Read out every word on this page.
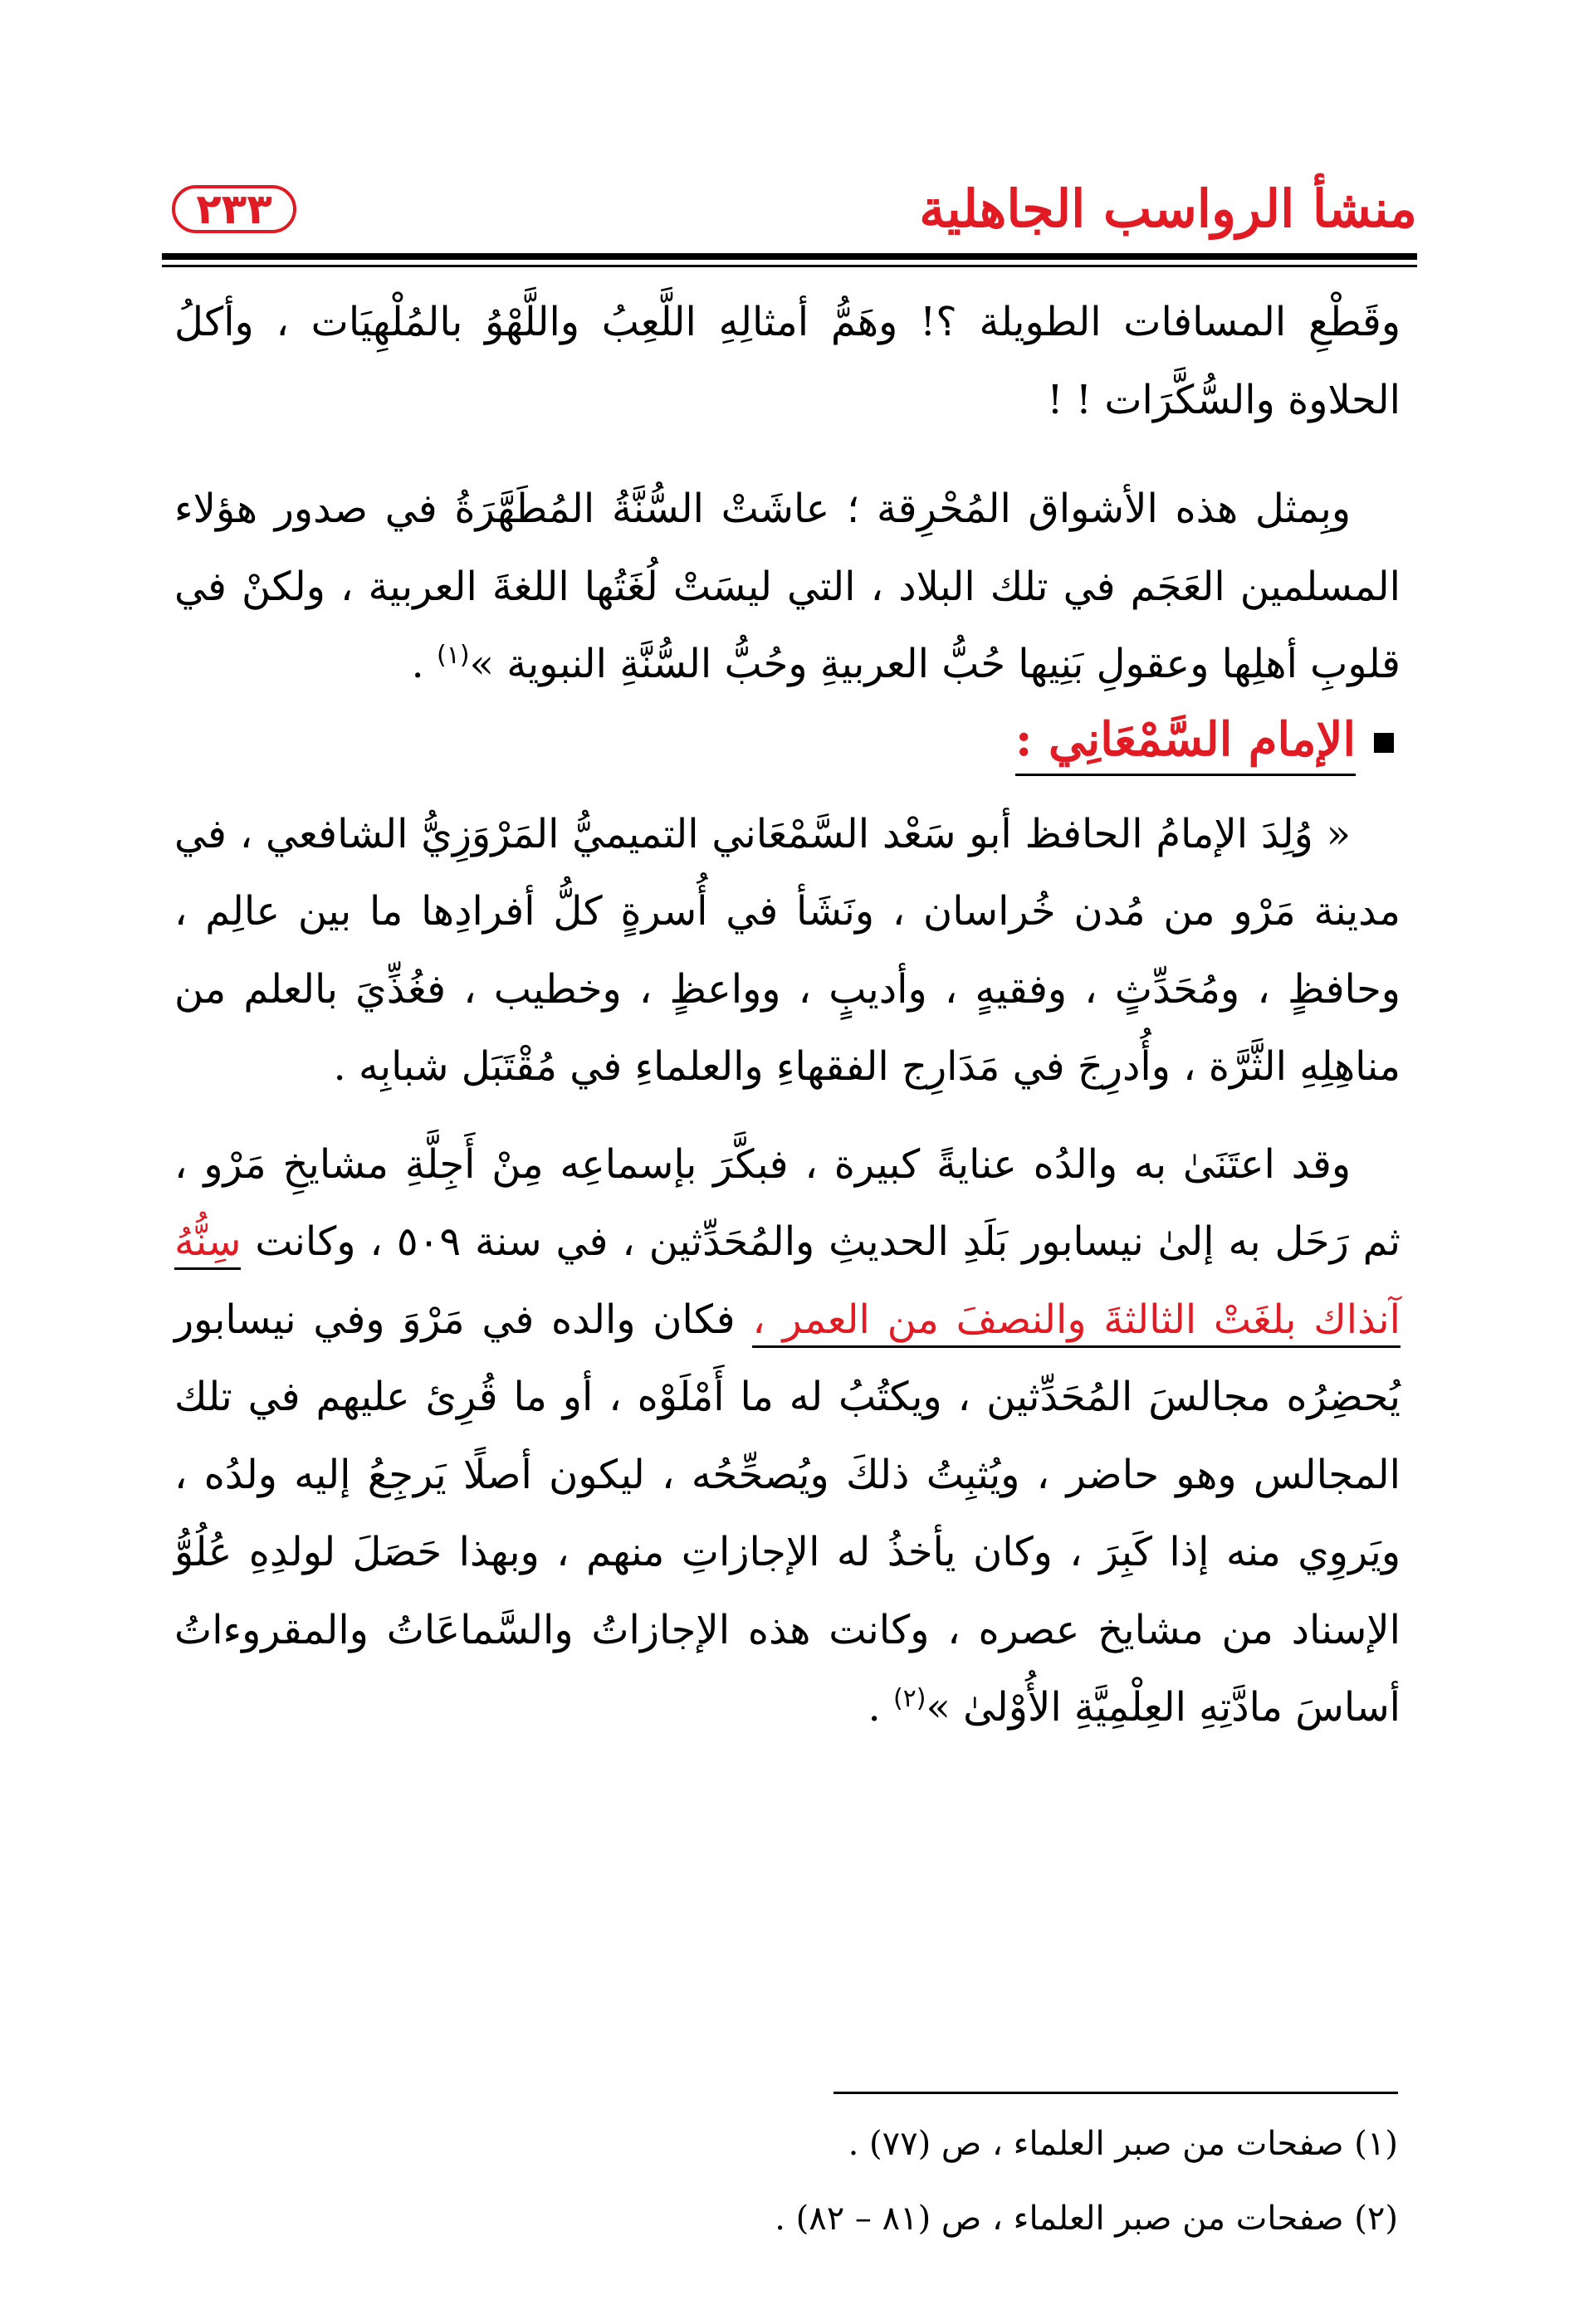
منشأ الرواسب الجاهلية
٢٣٣

وقَطْعِ المسافات الطويلة ؟! وهَمُّ أمثالِهِ اللَّعِبُ واللَّهْوُ بالمُلْهِيَات ، وأكلُ الحلاوة والسُّكَّرَات ! !

وبِمثل هذه الأشواق المُحْرِقة ؛ عاشَتْ السُّنَّةُ المُطَهَّرَةُ في صدور هؤلاء المسلمين العَجَم في تلك البلاد ، التي ليسَتْ لُغَتُها اللغةَ العربية ، ولكنْ في قلوبِ أهلِها وعقولِ بَنِيها حُبُّ العربيةِ وحُبُّ السُّنَّةِ النبوية »$^{(١)}$ .

الإمام السَّمْعَانِي :

« وُلِدَ الإمامُ الحافظ أبو سَعْد السَّمْعَاني التميميُّ المَرْوَزِيُّ الشافعي ، في مدينة مَرْو من مُدن خُراسان ، ونَشَأ في أُسرةٍ كلُّ أفرادِها ما بين عالِم ، وحافظٍ ، ومُحَدِّثٍ ، وفقيهٍ ، وأديبٍ ، وواعظٍ ، وخطيب ، فغُذِّيَ بالعلم من مناهِلِهِ الثَّرَّة ، وأُدرِجَ في مَدَارِج الفقهاءِ والعلماءِ في مُقْتَبَل شبابِه .

وقد اعتَنَىٰ به والدُه عنايةً كبيرة ، فبكَّرَ بإسماعِه مِنْ أَجِلَّةِ مشايخِ مَرْو ، ثم رَحَل به إلىٰ نيسابور بَلَدِ الحديثِ والمُحَدِّثين ، في سنة ٥٠٩ ، وكانت سِنُّهُ آنذاك بلغَتْ الثالثةَ والنصفَ من العمر ، فكان والده في مَرْوَ وفي نيسابور يُحضِرُه مجالسَ المُحَدِّثين ، ويكتُبُ له ما أَمْلَوْه ، أو ما قُرِئ عليهم في تلك المجالس وهو حاضر ، ويُثبِتُ ذلكَ ويُصحِّحُه ، ليكون أصلًا يَرجِعُ إليه ولدُه ، ويَروِي منه إذا كَبِرَ ، وكان يأخذُ له الإجازاتِ منهم ، وبهذا حَصَلَ لولدِهِ عُلُوُّ الإسناد من مشايخ عصره ، وكانت هذه الإجازاتُ والسَّماعَاتُ والمقروءاتُ أساسَ مادَّتِهِ العِلْمِيَّةِ الأُوْلىٰ »$^{(٢)}$ .

(١) صفحات من صبر العلماء ، ص (٧٧) .
(٢) صفحات من صبر العلماء ، ص (٨١ – ٨٢) .
